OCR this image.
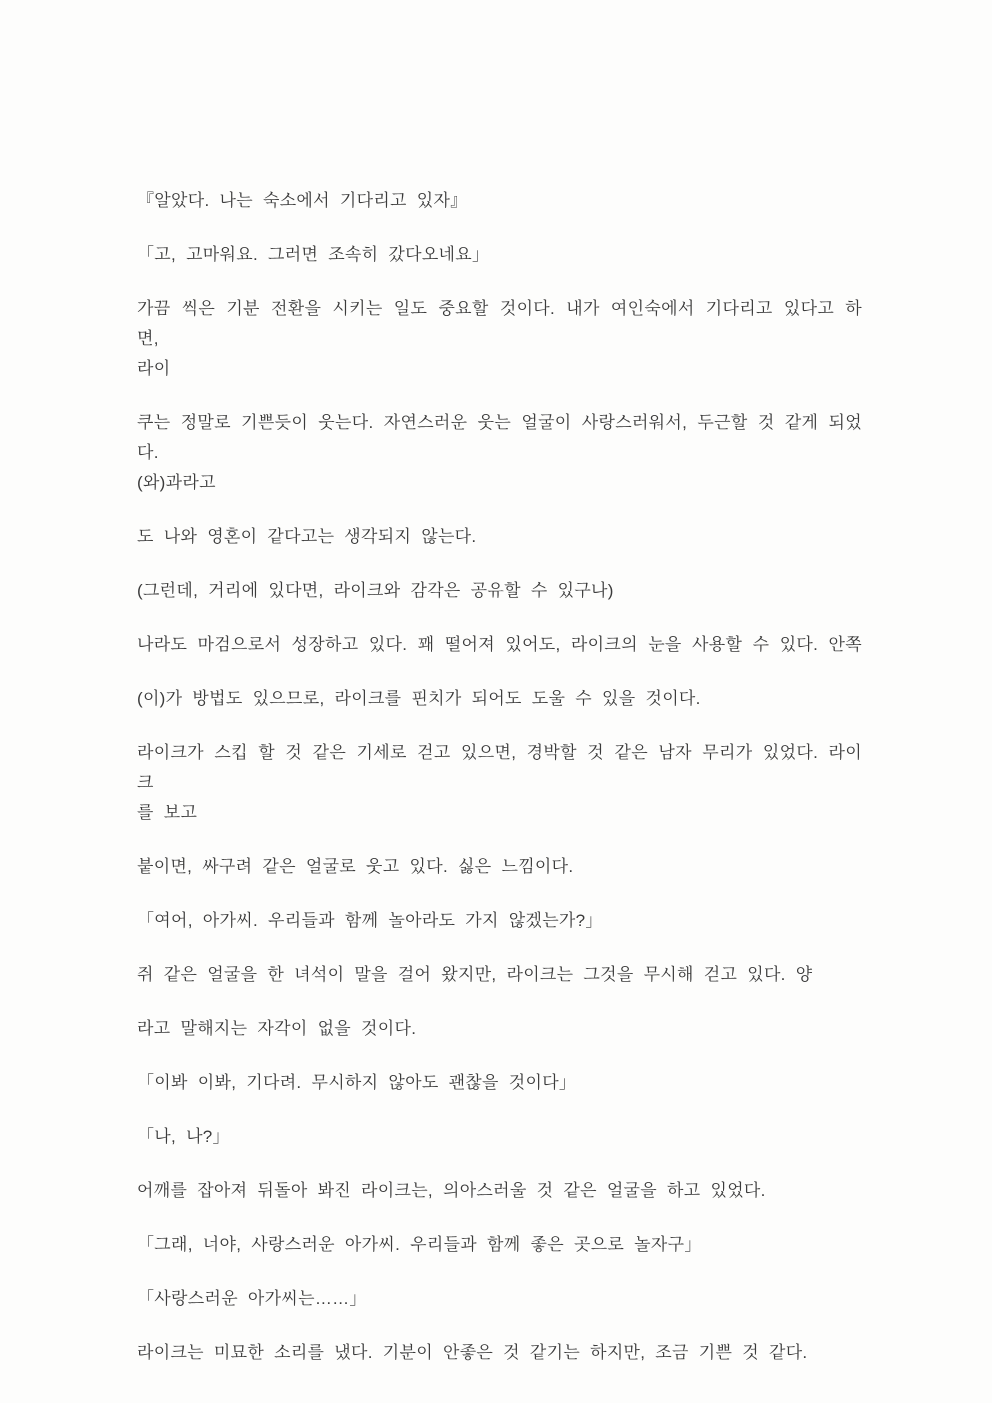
『알았다. 나는 숙소에서 기다리고 있자』

「고, 고마워요. 그러면 조속히 갔다오네요」

가끔 씩은 기분 전환을 시키는 일도 중요할 것이다. 내가 여인숙에서 기다리고 있다고 하면,
라이

쿠는 정말로 기쁜듯이 웃는다. 자연스러운 웃는 얼굴이 사랑스러워서, 두근할 것 같게 되었다.
(와)과라고

도 나와 영혼이 같다고는 생각되지 않는다.

(그런데, 거리에 있다면, 라이크와 감각은 공유할 수 있구나)

나라도 마검으로서 성장하고 있다. 꽤 떨어져 있어도, 라이크의 눈을 사용할 수 있다. 안쪽

(이)가 방법도 있으므로, 라이크를 핀치가 되어도 도울 수 있을 것이다.

라이크가 스킵 할 것 같은 기세로 걷고 있으면, 경박할 것 같은 남자 무리가 있었다. 라이크
를 보고

붙이면, 싸구려 같은 얼굴로 웃고 있다. 싫은 느낌이다.

「여어, 아가씨. 우리들과 함께 놀아라도 가지 않겠는가?」

쥐 같은 얼굴을 한 녀석이 말을 걸어 왔지만, 라이크는 그것을 무시해 걷고 있다. 양

라고 말해지는 자각이 없을 것이다.

「이봐 이봐, 기다려. 무시하지 않아도 괜찮을 것이다」

「나, 나?」

어깨를 잡아져 뒤돌아 봐진 라이크는, 의아스러울 것 같은 얼굴을 하고 있었다.

「그래, 너야, 사랑스러운 아가씨. 우리들과 함께 좋은 곳으로 놀자구」

「사랑스러운 아가씨는……」

라이크는 미묘한 소리를 냈다. 기분이 안좋은 것 같기는 하지만, 조금 기쁜 것 같다.
